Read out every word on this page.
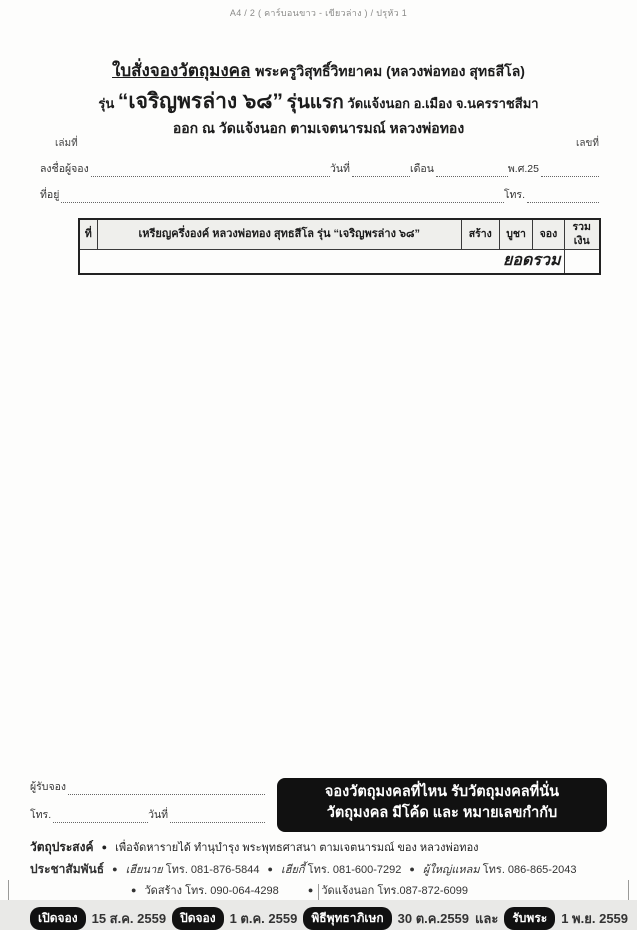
A4 / 2 ( คาร์บอนขาว - เขียวล่าง ) / ปรุหัว 1
ใบสั่งจองวัตถุมงคล พระครูวิสุทธิ์วิทยาคม (หลวงพ่อทอง สุทธสีโล)
รุ่น “เจริญพรล่าง ๖๘” รุ่นแรก วัดแจ้งนอก อ.เมือง จ.นครราชสีมา
ออก ณ วัดแจ้งนอก ตามเจตนารมณ์ หลวงพ่อทอง
เล่มที่	เลขที่
ลงชื่อผู้จอง	วันที่	เดือน	พ.ศ.25
ที่อยู่	โทร.
ที่	เหรียญครึ่งองค์ หลวงพ่อทอง สุทธสีโล รุ่น “เจริญพรล่าง ๖๘”	สร้าง	บูชา	จอง	รวมเงิน
ยอดรวม					
ผู้รับจอง
โทร.	วันที่
จองวัตถุมงคลที่ไหน รับวัตถุมงคลที่นั่น
วัตถุมงคล มีโค้ด และ หมายเลขกำกับ
วัตถุประสงค์ ● เพื่อจัดหารายได้ ทำนุบำรุง พระพุทธศาสนา ตามเจตนารมณ์ ของ หลวงพ่อทอง
ประชาสัมพันธ์ ● เฮียนาย โทร. 081-876-5844 ● เฮียกี้ โทร. 081-600-7292 ● ผู้ใหญ่แหลม โทร. 086-865-2043
● วัดสร้าง โทร. 090-064-4298	● วัดแจ้งนอก โทร.087-872-6099
เปิดจอง	15 ส.ค. 2559	ปิดจอง	1 ต.ค. 2559	พิธีพุทธาภิเษก	30 ต.ค.2559 และ	รับพระ	1 พ.ย. 2559
